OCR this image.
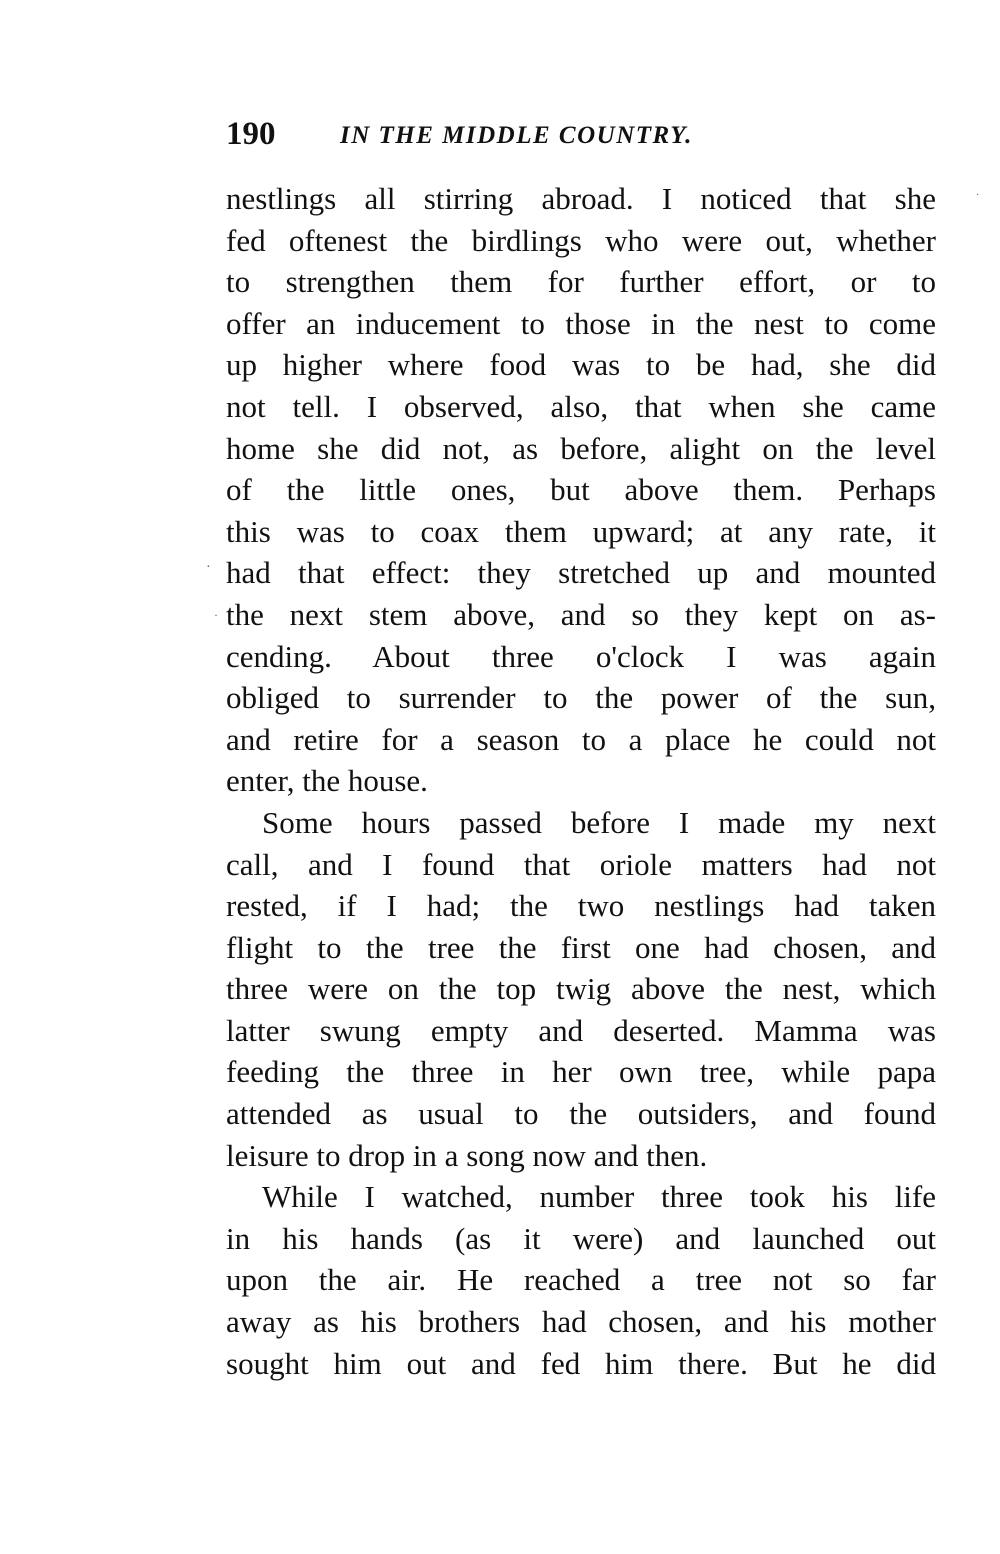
190	IN THE MIDDLE COUNTRY.
nestlings all stirring abroad. I noticed that she
fed oftenest the birdlings who were out, whether
to strengthen them for further effort, or to
offer an inducement to those in the nest to come
up higher where food was to be had, she did
not tell. I observed, also, that when she came
home she did not, as before, alight on the level
of the little ones, but above them. Perhaps
this was to coax them upward; at any rate, it
had that effect: they stretched up and mounted
the next stem above, and so they kept on as-
cending. About three o'clock I was again
obliged to surrender to the power of the sun,
and retire for a season to a place he could not
enter, the house.
Some hours passed before I made my next
call, and I found that oriole matters had not
rested, if I had; the two nestlings had taken
flight to the tree the first one had chosen, and
three were on the top twig above the nest, which
latter swung empty and deserted. Mamma was
feeding the three in her own tree, while papa
attended as usual to the outsiders, and found
leisure to drop in a song now and then.
While I watched, number three took his life
in his hands (as it were) and launched out
upon the air. He reached a tree not so far
away as his brothers had chosen, and his mother
sought him out and fed him there. But he did
·
·
·
